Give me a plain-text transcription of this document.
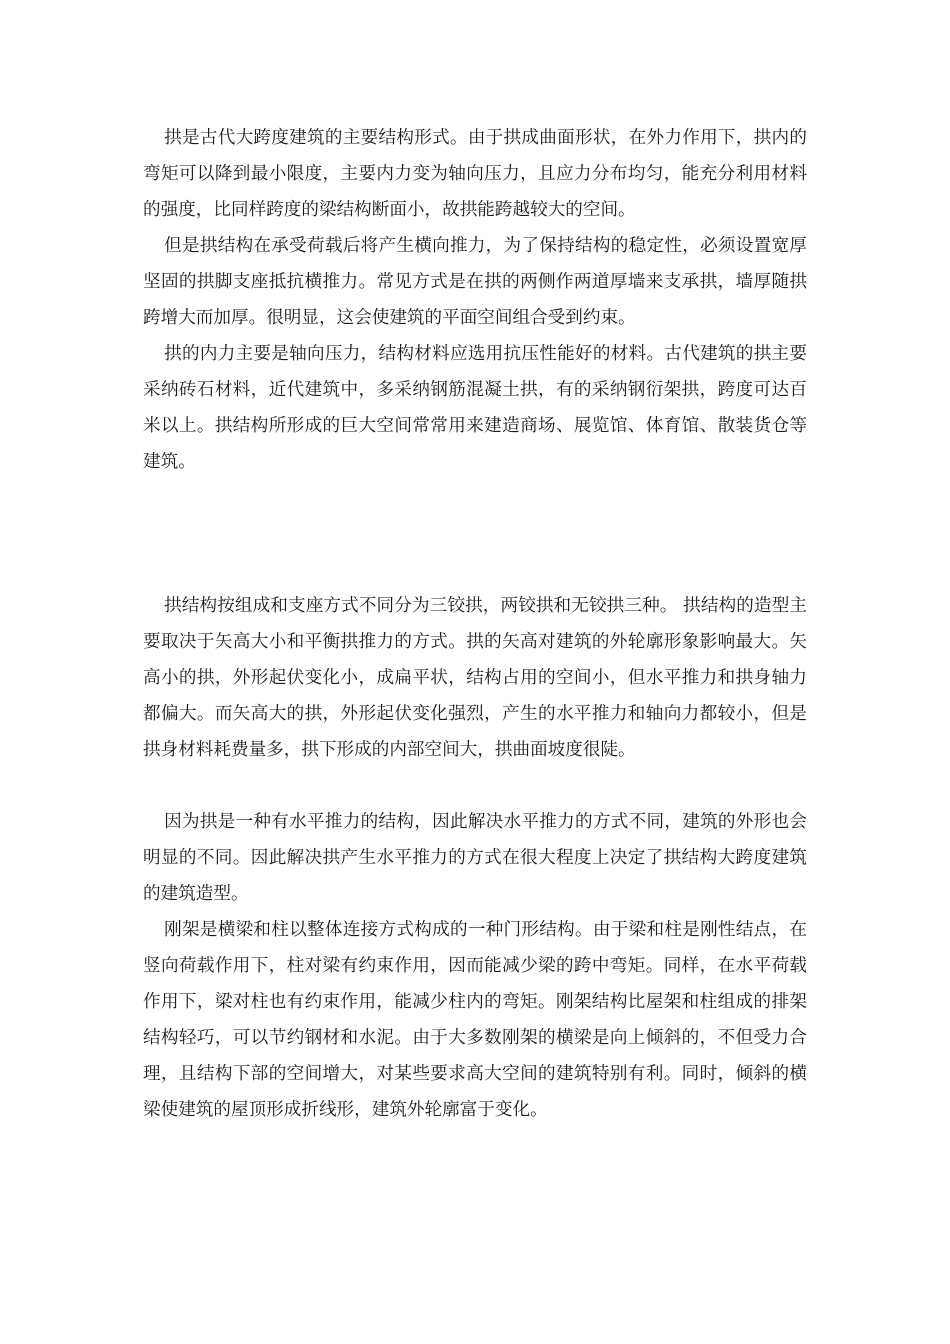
拱是古代大跨度建筑的主要结构形式。由于拱成曲面形状，在外力作用下，拱内的弯矩可以降到最小限度，主要内力变为轴向压力，且应力分布均匀，能充分利用材料的强度，比同样跨度的梁结构断面小，故拱能跨越较大的空间。

但是拱结构在承受荷载后将产生横向推力，为了保持结构的稳定性，必须设置宽厚坚固的拱脚支座抵抗横推力。常见方式是在拱的两侧作两道厚墙来支承拱，墙厚随拱跨增大而加厚。很明显，这会使建筑的平面空间组合受到约束。

拱的内力主要是轴向压力，结构材料应选用抗压性能好的材料。古代建筑的拱主要采纳砖石材料，近代建筑中，多采纳钢筋混凝土拱，有的采纳钢衍架拱，跨度可达百米以上。拱结构所形成的巨大空间常常用来建造商场、展览馆、体育馆、散装货仓等建筑。

拱结构按组成和支座方式不同分为三铰拱，两铰拱和无铰拱三种。 拱结构的造型主要取决于矢高大小和平衡拱推力的方式。拱的矢高对建筑的外轮廓形象影响最大。矢高小的拱，外形起伏变化小，成扁平状，结构占用的空间小，但水平推力和拱身轴力都偏大。而矢高大的拱，外形起伏变化强烈，产生的水平推力和轴向力都较小，但是拱身材料耗费量多，拱下形成的内部空间大，拱曲面坡度很陡。

因为拱是一种有水平推力的结构，因此解决水平推力的方式不同，建筑的外形也会明显的不同。因此解决拱产生水平推力的方式在很大程度上决定了拱结构大跨度建筑的建筑造型。

刚架是横梁和柱以整体连接方式构成的一种门形结构。由于梁和柱是刚性结点，在竖向荷载作用下，柱对梁有约束作用，因而能减少梁的跨中弯矩。同样，在水平荷载作用下，梁对柱也有约束作用，能减少柱内的弯矩。刚架结构比屋架和柱组成的排架结构轻巧，可以节约钢材和水泥。由于大多数刚架的横梁是向上倾斜的，不但受力合理，且结构下部的空间增大，对某些要求高大空间的建筑特别有利。同时，倾斜的横梁使建筑的屋顶形成折线形，建筑外轮廓富于变化。
